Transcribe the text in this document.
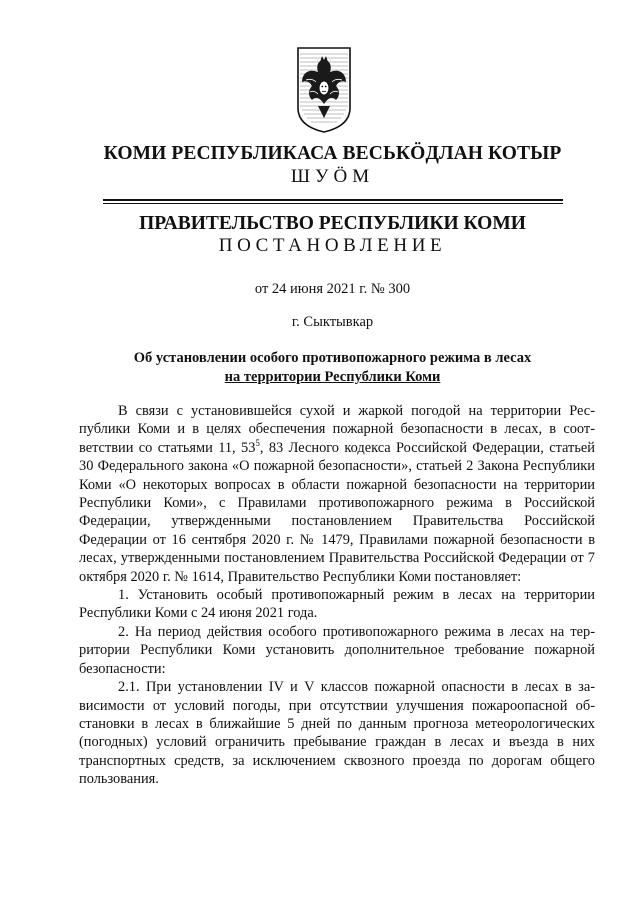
КОМИ РЕСПУБЛИКАСА ВЕСЬКÖДЛАН КОТЫР
ШУÖМ
ПРАВИТЕЛЬСТВО РЕСПУБЛИКИ КОМИ
ПОСТАНОВЛЕНИЕ
от 24 июня 2021 г. № 300
г. Сыктывкар
Об установлении особого противопожарного режима в лесах
на территории Республики Коми

В связи с установившейся сухой и жаркой погодой на территории Республики Коми и в целях обеспечения пожарной безопасности в лесах, в соответствии со статьями 11, $53^5$, 83 Лесного кодекса Российской Федерации, статьей 30 Федерального закона «О пожарной безопасности», статьей 2 Закона Республики Коми «О некоторых вопросах в области пожарной безопасности на территории Республики Коми», с Правилами противопожарного режима в Российской Федерации, утвержденными постановлением Правительства Российской Федерации от 16 сентября 2020 г. № 1479, Правилами пожарной безопасности в лесах, утвержденными постановлением Правительства Российской Федерации от 7 октября 2020 г. № 1614, Правительство Республики Коми постановляет:

1. Установить особый противопожарный режим в лесах на территории Республики Коми с 24 июня 2021 года.

2. На период действия особого противопожарного режима в лесах на территории Республики Коми установить дополнительное требование пожарной безопасности:

2.1. При установлении IV и V классов пожарной опасности в лесах в зависимости от условий погоды, при отсутствии улучшения пожароопасной обстановки в лесах в ближайшие 5 дней по данным прогноза метеорологических (погодных) условий ограничить пребывание граждан в лесах и въезда в них транспортных средств, за исключением сквозного проезда по дорогам общего пользования.
